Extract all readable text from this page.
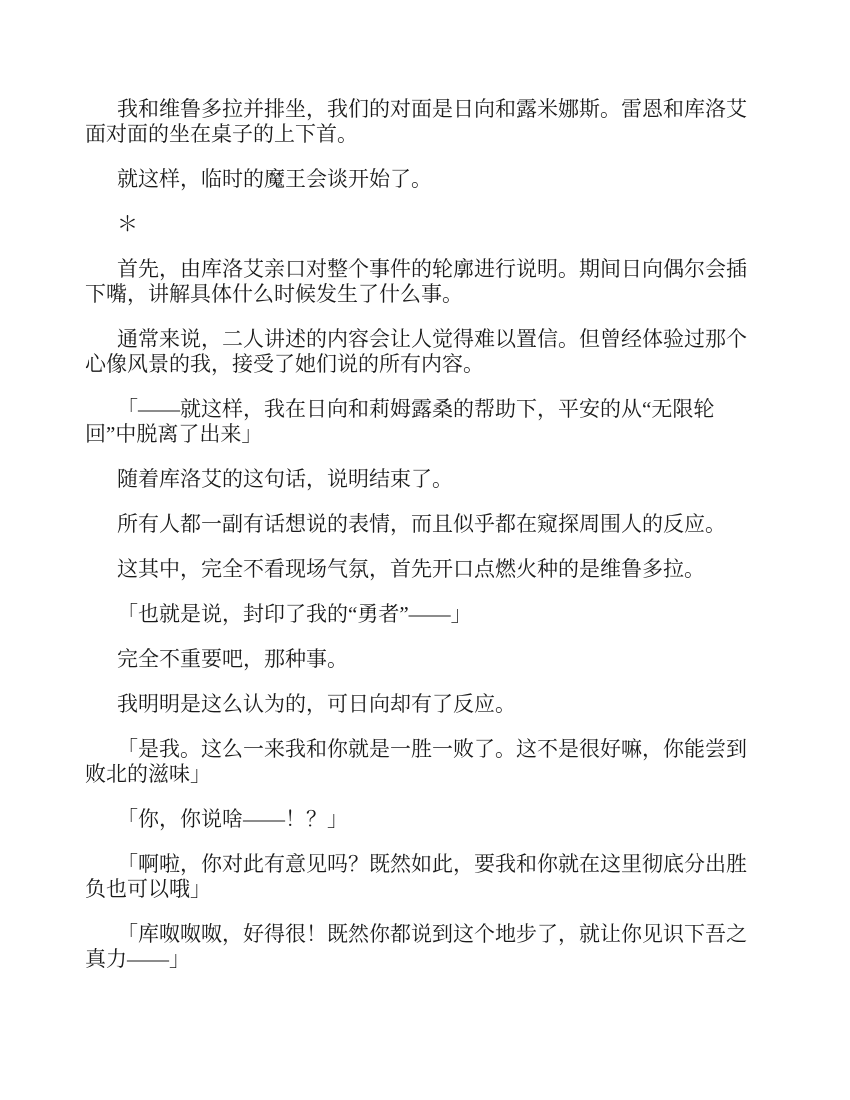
我和维鲁多拉并排坐，我们的对面是日向和露米娜斯。雷恩和库洛艾
面对面的坐在桌子的上下首。

就这样，临时的魔王会谈开始了。

＊

首先，由库洛艾亲口对整个事件的轮廓进行说明。期间日向偶尔会插
下嘴，讲解具体什么时候发生了什么事。

通常来说，二人讲述的内容会让人觉得难以置信。但曾经体验过那个
心像风景的我，接受了她们说的所有内容。

「——就这样，我在日向和莉姆露桑的帮助下，平安的从“无限轮
回”中脱离了出来」

随着库洛艾的这句话，说明结束了。

所有人都一副有话想说的表情，而且似乎都在窥探周围人的反应。

这其中，完全不看现场气氛，首先开口点燃火种的是维鲁多拉。

「也就是说，封印了我的“勇者”——」

完全不重要吧，那种事。

我明明是这么认为的，可日向却有了反应。

「是我。这么一来我和你就是一胜一败了。这不是很好嘛，你能尝到
败北的滋味」

「你，你说啥——！？」

「啊啦，你对此有意见吗？既然如此，要我和你就在这里彻底分出胜
负也可以哦」

「库呶呶呶，好得很！既然你都说到这个地步了，就让你见识下吾之
真力——」
